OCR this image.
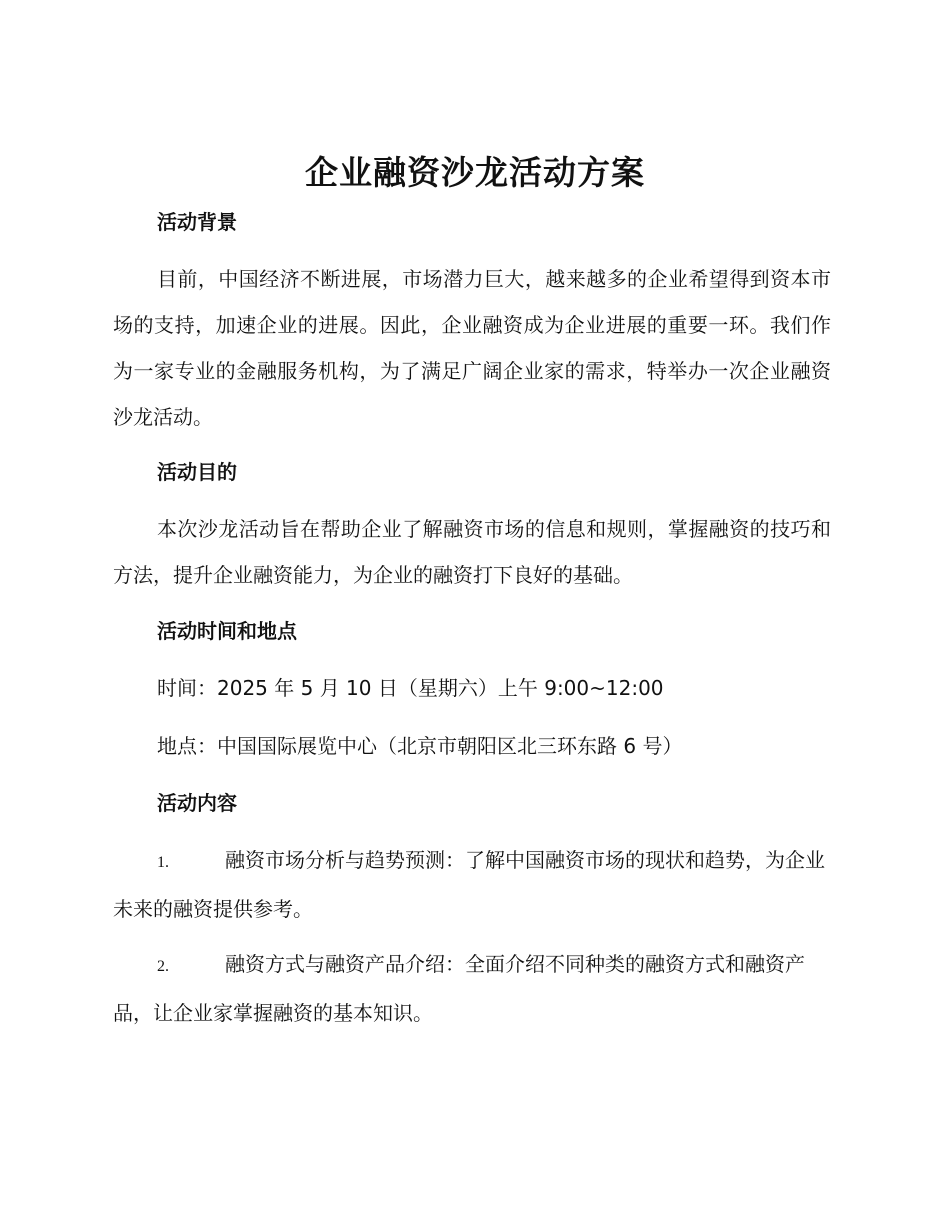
企业融资沙龙活动方案
活动背景

目前，中国经济不断进展，市场潜力巨大，越来越多的企业希望得到资本市场的支持，加速企业的进展。因此，企业融资成为企业进展的重要一环。我们作为一家专业的金融服务机构，为了满足广阔企业家的需求，特举办一次企业融资沙龙活动。

活动目的

本次沙龙活动旨在帮助企业了解融资市场的信息和规则，掌握融资的技巧和方法，提升企业融资能力，为企业的融资打下良好的基础。

活动时间和地点
时间：2025 年 5 月 10 日（星期六）上午 9:00~12:00
地点：中国国际展览中心（北京市朝阳区北三环东路 6 号）
活动内容

1.	融资市场分析与趋势预测：了解中国融资市场的现状和趋势，为企业未来的融资提供参考。

2.	融资方式与融资产品介绍：全面介绍不同种类的融资方式和融资产品，让企业家掌握融资的基本知识。
